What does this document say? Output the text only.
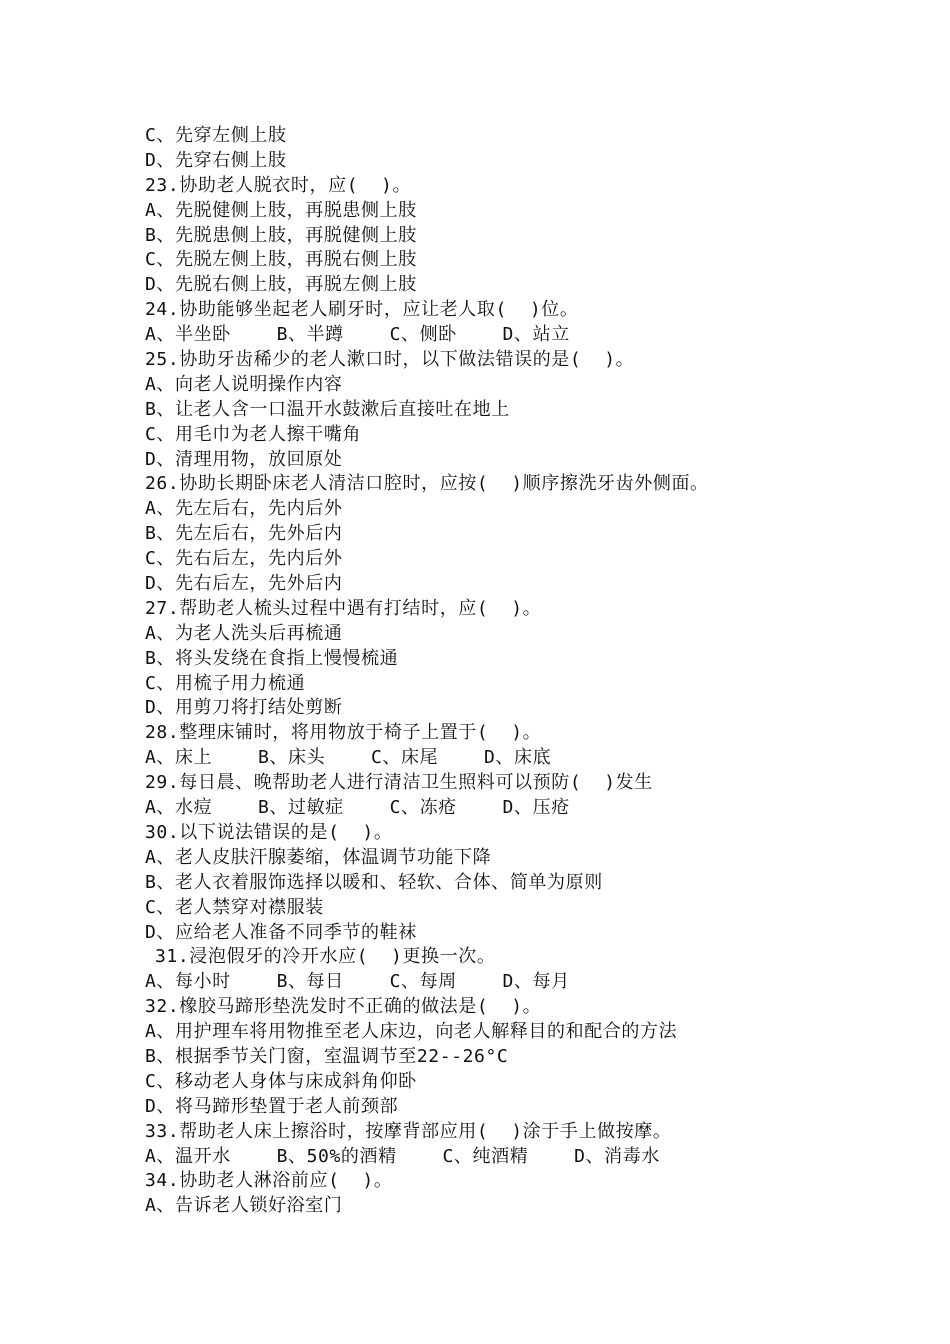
C、先穿左侧上肢
D、先穿右侧上肢
23.协助老人脱衣时，应(  )。
A、先脱健侧上肢，再脱患侧上肢
B、先脱患侧上肢，再脱健侧上肢
C、先脱左侧上肢，再脱右侧上肢
D、先脱右侧上肢，再脱左侧上肢
24.协助能够坐起老人刷牙时，应让老人取(  )位。
A、半坐卧    B、半蹲    C、侧卧    D、站立
25.协助牙齿稀少的老人漱口时，以下做法错误的是(  )。
A、向老人说明操作内容
B、让老人含一口温开水鼓漱后直接吐在地上
C、用毛巾为老人擦干嘴角
D、清理用物，放回原处
26.协助长期卧床老人清洁口腔时，应按(  )顺序擦洗牙齿外侧面。
A、先左后右，先内后外
B、先左后右，先外后内
C、先右后左，先内后外
D、先右后左，先外后内
27.帮助老人梳头过程中遇有打结时，应(  )。
A、为老人洗头后再梳通
B、将头发绕在食指上慢慢梳通
C、用梳子用力梳通
D、用剪刀将打结处剪断
28.整理床铺时，将用物放于椅子上置于(  )。
A、床上    B、床头    C、床尾    D、床底
29.每日晨、晚帮助老人进行清洁卫生照料可以预防(  )发生
A、水痘    B、过敏症    C、冻疮    D、压疮
30.以下说法错误的是(  )。
A、老人皮肤汗腺萎缩，体温调节功能下降
B、老人衣着服饰选择以暖和、轻软、合体、简单为原则
C、老人禁穿对襟服装
D、应给老人准备不同季节的鞋袜
31.浸泡假牙的冷开水应(  )更换一次。
A、每小时    B、每日    C、每周    D、每月
32.橡胶马蹄形垫洗发时不正确的做法是(  )。
A、用护理车将用物推至老人床边，向老人解释目的和配合的方法
B、根据季节关门窗，室温调节至22--26°C
C、移动老人身体与床成斜角仰卧
D、将马蹄形垫置于老人前颈部
33.帮助老人床上擦浴时，按摩背部应用(  )涂于手上做按摩。
A、温开水    B、50%的酒精    C、纯酒精    D、消毒水
34.协助老人淋浴前应(  )。
A、告诉老人锁好浴室门
